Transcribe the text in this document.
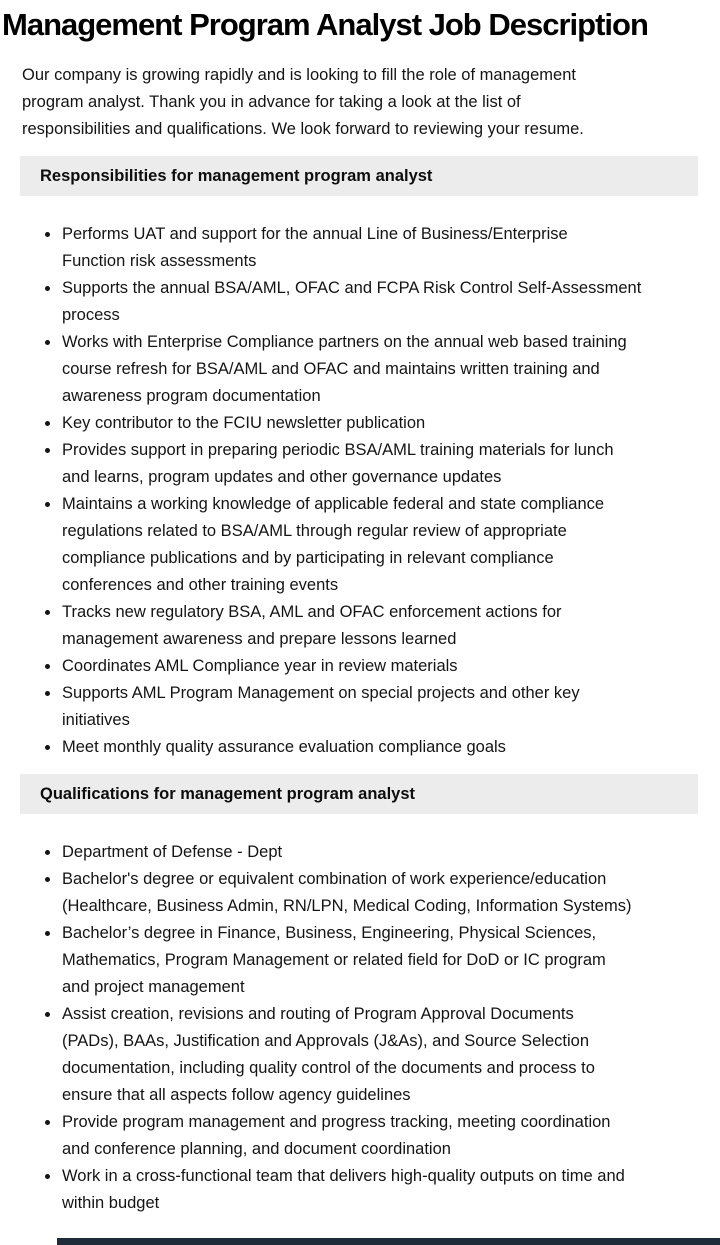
Management Program Analyst Job Description
Our company is growing rapidly and is looking to fill the role of management
program analyst. Thank you in advance for taking a look at the list of
responsibilities and qualifications. We look forward to reviewing your resume.
Responsibilities for management program analyst
Performs UAT and support for the annual Line of Business/Enterprise
Function risk assessments
Supports the annual BSA/AML, OFAC and FCPA Risk Control Self-Assessment
process
Works with Enterprise Compliance partners on the annual web based training
course refresh for BSA/AML and OFAC and maintains written training and
awareness program documentation
Key contributor to the FCIU newsletter publication
Provides support in preparing periodic BSA/AML training materials for lunch
and learns, program updates and other governance updates
Maintains a working knowledge of applicable federal and state compliance
regulations related to BSA/AML through regular review of appropriate
compliance publications and by participating in relevant compliance
conferences and other training events
Tracks new regulatory BSA, AML and OFAC enforcement actions for
management awareness and prepare lessons learned
Coordinates AML Compliance year in review materials
Supports AML Program Management on special projects and other key
initiatives
Meet monthly quality assurance evaluation compliance goals
Qualifications for management program analyst
Department of Defense - Dept
Bachelor's degree or equivalent combination of work experience/education
(Healthcare, Business Admin, RN/LPN, Medical Coding, Information Systems)
Bachelor’s degree in Finance, Business, Engineering, Physical Sciences,
Mathematics, Program Management or related field for DoD or IC program
and project management
Assist creation, revisions and routing of Program Approval Documents
(PADs), BAAs, Justification and Approvals (J&As), and Source Selection
documentation, including quality control of the documents and process to
ensure that all aspects follow agency guidelines
Provide program management and progress tracking, meeting coordination
and conference planning, and document coordination
Work in a cross-functional team that delivers high-quality outputs on time and
within budget
